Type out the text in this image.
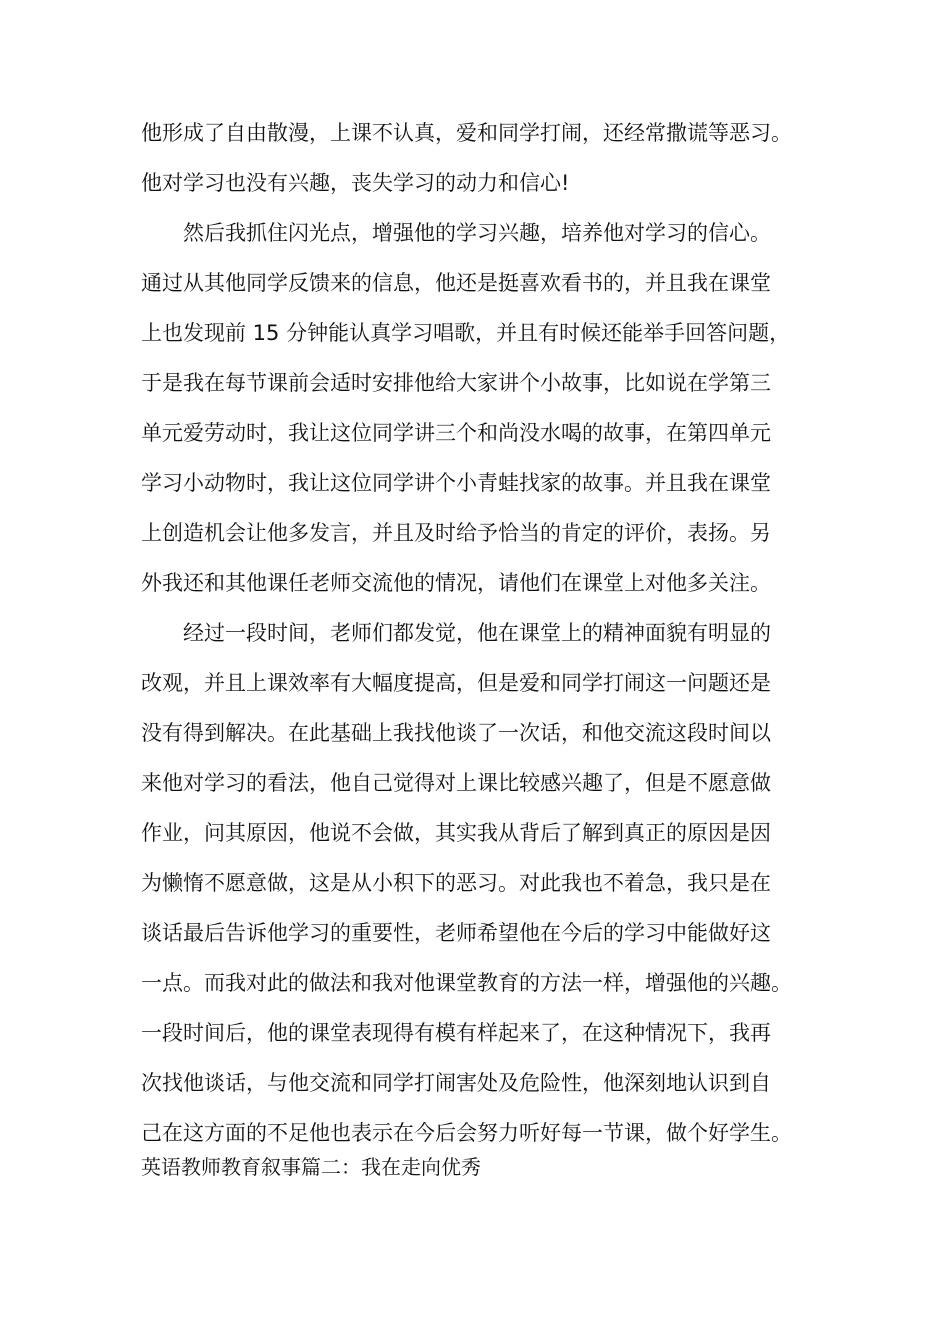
他形成了自由散漫，上课不认真，爱和同学打闹，还经常撒谎等恶习。
他对学习也没有兴趣，丧失学习的动力和信心!
然后我抓住闪光点，增强他的学习兴趣，培养他对学习的信心。
通过从其他同学反馈来的信息，他还是挺喜欢看书的，并且我在课堂
上也发现前 15 分钟能认真学习唱歌，并且有时候还能举手回答问题，
于是我在每节课前会适时安排他给大家讲个小故事，比如说在学第三
单元爱劳动时，我让这位同学讲三个和尚没水喝的故事，在第四单元
学习小动物时，我让这位同学讲个小青蛙找家的故事。并且我在课堂
上创造机会让他多发言，并且及时给予恰当的肯定的评价，表扬。另
外我还和其他课任老师交流他的情况，请他们在课堂上对他多关注。
经过一段时间，老师们都发觉，他在课堂上的精神面貌有明显的
改观，并且上课效率有大幅度提高，但是爱和同学打闹这一问题还是
没有得到解决。在此基础上我找他谈了一次话，和他交流这段时间以
来他对学习的看法，他自己觉得对上课比较感兴趣了，但是不愿意做
作业，问其原因，他说不会做，其实我从背后了解到真正的原因是因
为懒惰不愿意做，这是从小积下的恶习。对此我也不着急，我只是在
谈话最后告诉他学习的重要性，老师希望他在今后的学习中能做好这
一点。而我对此的做法和我对他课堂教育的方法一样，增强他的兴趣。
一段时间后，他的课堂表现得有模有样起来了，在这种情况下，我再
次找他谈话，与他交流和同学打闹害处及危险性，他深刻地认识到自
己在这方面的不足他也表示在今后会努力听好每一节课，做个好学生。
英语教师教育叙事篇二：我在走向优秀
